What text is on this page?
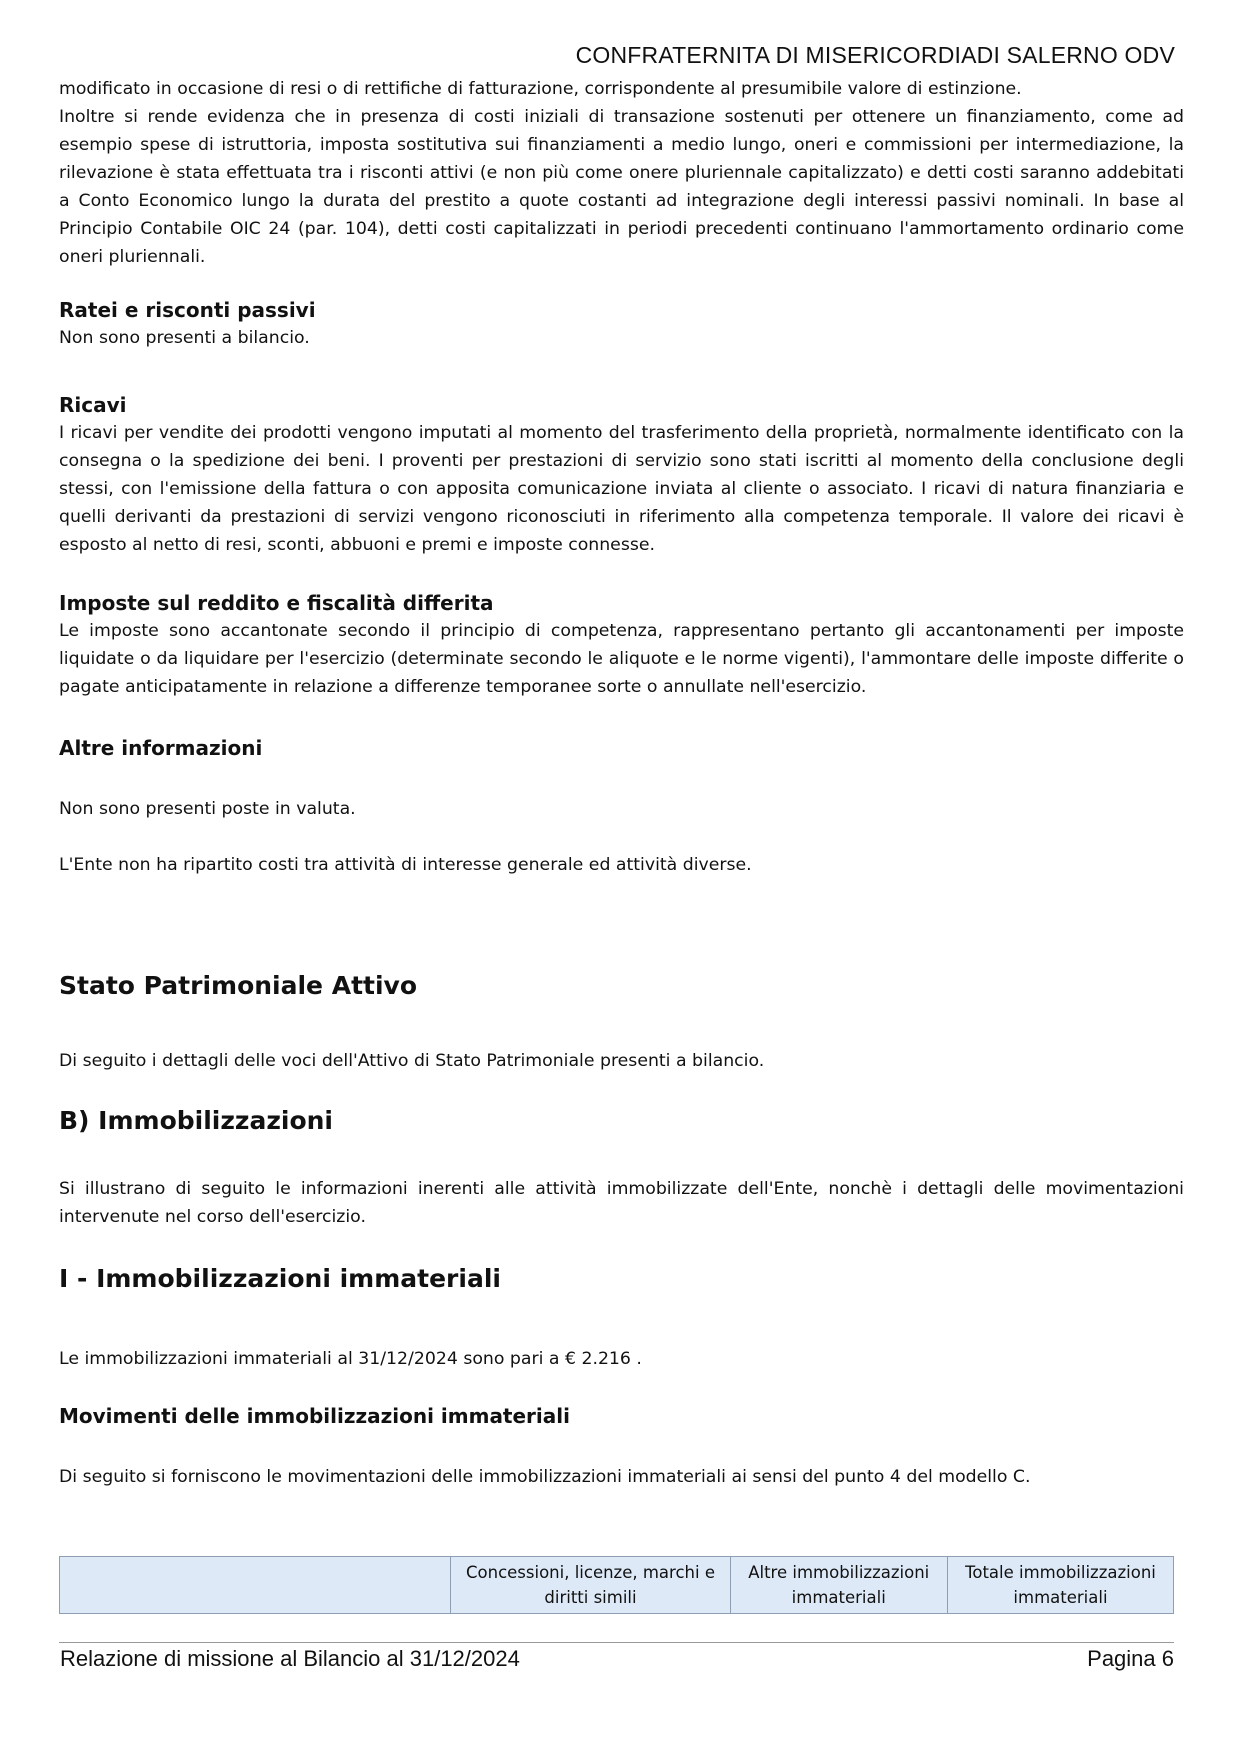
CONFRATERNITA DI MISERICORDIADI SALERNO ODV

modificato in occasione di resi o di rettifiche di fatturazione, corrispondente al presumibile valore di estinzione.

Inoltre si rende evidenza che in presenza di costi iniziali di transazione sostenuti per ottenere un finanziamento, come ad esempio spese di istruttoria, imposta sostitutiva sui finanziamenti a medio lungo, oneri e commissioni per intermediazione, la rilevazione è stata effettuata tra i risconti attivi (e non più come onere pluriennale capitalizzato) e detti costi saranno addebitati a Conto Economico lungo la durata del prestito a quote costanti ad integrazione degli interessi passivi nominali. In base al Principio Contabile OIC 24 (par. 104), detti costi capitalizzati in periodi precedenti continuano l'ammortamento ordinario come oneri pluriennali.

Ratei e risconti passivi

Non sono presenti a bilancio.

Ricavi

I ricavi per vendite dei prodotti vengono imputati al momento del trasferimento della proprietà, normalmente identificato con la consegna o la spedizione dei beni. I proventi per prestazioni di servizio sono stati iscritti al momento della conclusione degli stessi, con l'emissione della fattura o con apposita comunicazione inviata al cliente o associato. I ricavi di natura finanziaria e quelli derivanti da prestazioni di servizi vengono riconosciuti in riferimento alla competenza temporale. Il valore dei ricavi è esposto al netto di resi, sconti, abbuoni e premi e imposte connesse.

Imposte sul reddito e fiscalità differita

Le imposte sono accantonate secondo il principio di competenza, rappresentano pertanto gli accantonamenti per imposte liquidate o da liquidare per l'esercizio (determinate secondo le aliquote e le norme vigenti), l'ammontare delle imposte differite o pagate anticipatamente in relazione a differenze temporanee sorte o annullate nell'esercizio.

Altre informazioni

Non sono presenti poste in valuta.

L'Ente non ha ripartito costi tra attività di interesse generale ed attività diverse.

Stato Patrimoniale Attivo

Di seguito i dettagli delle voci dell'Attivo di Stato Patrimoniale presenti a bilancio.

B) Immobilizzazioni

Si illustrano di seguito le informazioni inerenti alle attività immobilizzate dell'Ente, nonchè i dettagli delle movimentazioni intervenute nel corso dell'esercizio.

I - Immobilizzazioni immateriali

Le immobilizzazioni immateriali al 31/12/2024 sono pari a € 2.216 .

Movimenti delle immobilizzazioni immateriali

Di seguito si forniscono le movimentazioni delle immobilizzazioni immateriali ai sensi del punto 4 del modello C.

	Concessioni, licenze, marchi e diritti simili	Altre immobilizzazioni immateriali	Totale immobilizzazioni immateriali
Relazione di missione al Bilancio al 31/12/2024	Pagina 6
